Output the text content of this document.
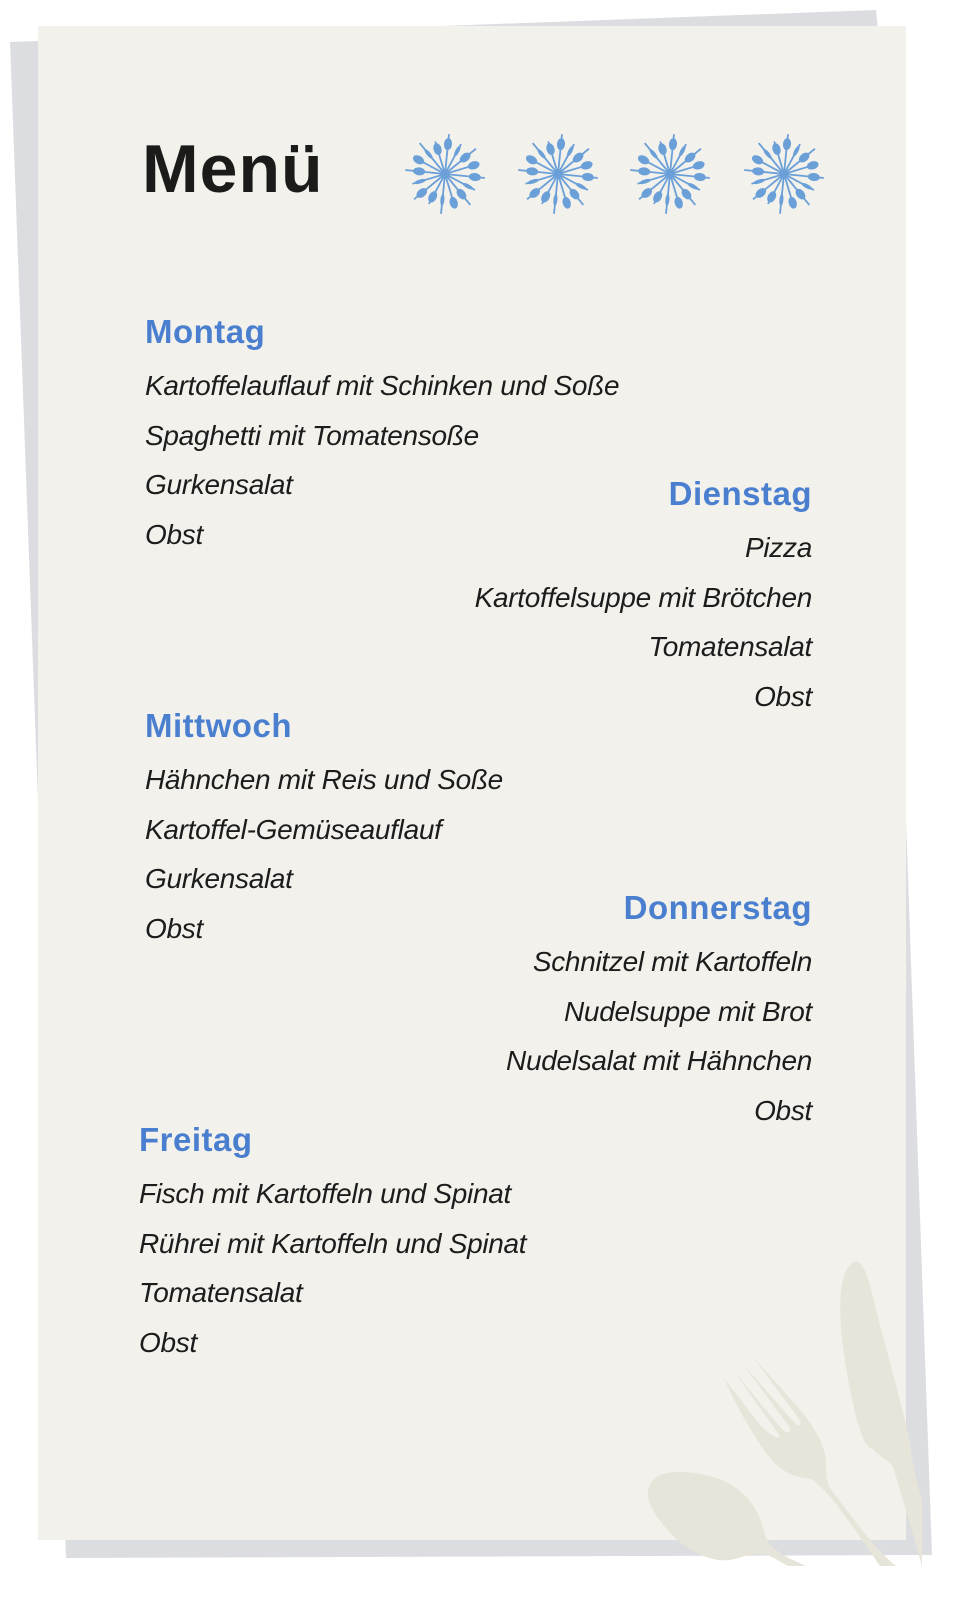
Menü
Montag
Kartoffelauflauf mit Schinken und Soße
Spaghetti mit Tomatensoße
Gurkensalat
Obst
Dienstag
Pizza
Kartoffelsuppe mit Brötchen
Tomatensalat
Obst
Mittwoch
Hähnchen mit Reis und Soße
Kartoffel-Gemüseauflauf
Gurkensalat
Obst
Donnerstag
Schnitzel mit Kartoffeln
Nudelsuppe mit Brot
Nudelsalat mit Hähnchen
Obst
Freitag
Fisch mit Kartoffeln und Spinat
Rührei mit Kartoffeln und Spinat
Tomatensalat
Obst
